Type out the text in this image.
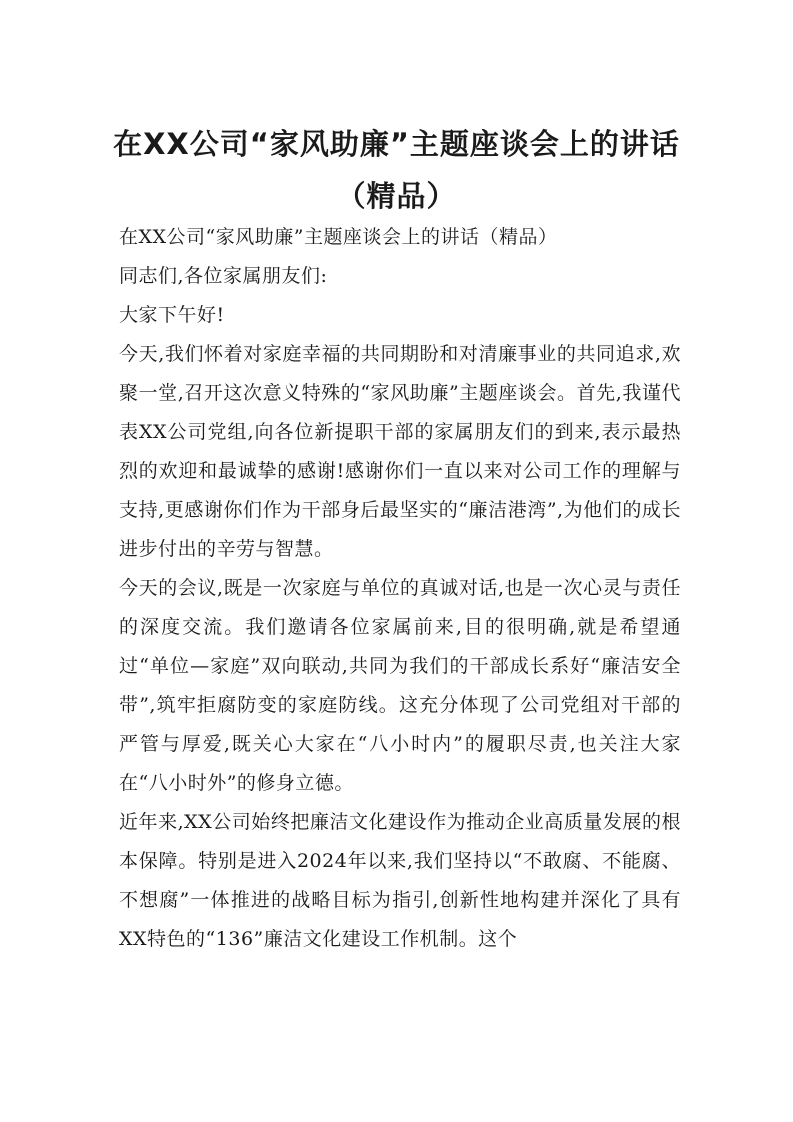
在XX公司“家风助廉”主题座谈会上的讲话（精品）

在XX公司“家风助廉”主题座谈会上的讲话（精品）

同志们,各位家属朋友们:

大家下午好!

今天,我们怀着对家庭幸福的共同期盼和对清廉事业的共同追求,欢聚一堂,召开这次意义特殊的“家风助廉”主题座谈会。首先,我谨代表XX公司党组,向各位新提职干部的家属朋友们的到来,表示最热烈的欢迎和最诚挚的感谢!感谢你们一直以来对公司工作的理解与支持,更感谢你们作为干部身后最坚实的“廉洁港湾”,为他们的成长进步付出的辛劳与智慧。

今天的会议,既是一次家庭与单位的真诚对话,也是一次心灵与责任的深度交流。我们邀请各位家属前来,目的很明确,就是希望通过“单位—家庭”双向联动,共同为我们的干部成长系好“廉洁安全带”,筑牢拒腐防变的家庭防线。这充分体现了公司党组对干部的严管与厚爱,既关心大家在“八小时内”的履职尽责,也关注大家在“八小时外”的修身立德。

近年来,XX公司始终把廉洁文化建设作为推动企业高质量发展的根本保障。特别是进入2024年以来,我们坚持以“不敢腐、不能腐、不想腐”一体推进的战略目标为指引,创新性地构建并深化了具有XX特色的“136”廉洁文化建设工作机制。这个
